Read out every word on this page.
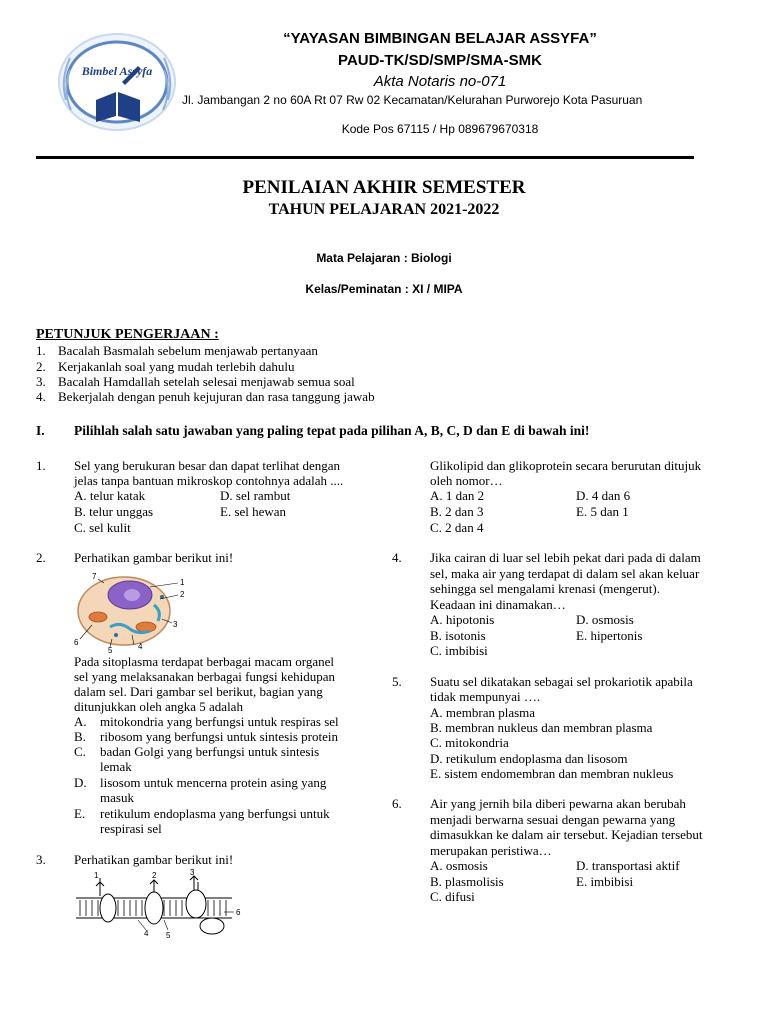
Bimbel Assyfa
“YAYASAN BIMBINGAN BELAJAR ASSYFA”
PAUD-TK/SD/SMP/SMA-SMK
Akta Notaris no-071
Jl. Jambangan 2 no 60A Rt 07 Rw 02 Kecamatan/Kelurahan Purworejo Kota Pasuruan
Kode Pos 67115 / Hp 089679670318
PENILAIAN AKHIR SEMESTER
TAHUN PELAJARAN 2021-2022
Mata Pelajaran : Biologi
Kelas/Peminatan : XI / MIPA
PETUNJUK PENGERJAAN :
1. Bacalah Basmalah sebelum menjawab pertanyaan
2. Kerjakanlah soal yang mudah terlebih dahulu
3. Bacalah Hamdallah setelah selesai menjawab semua soal
4. Bekerjalah dengan penuh kejujuran dan rasa tanggung jawab
I. Pilihlah salah satu jawaban yang paling tepat pada pilihan A, B, C, D dan E di bawah ini!
1. Sel yang berukuran besar dan dapat terlihat dengan
jelas tanpa bantuan mikroskop contohnya adalah ....
A. telur katak
B. telur unggas
C. sel kulit
D. sel rambut
E. sel hewan
2. Perhatikan gambar berikut ini!
1
2
3
4
5
6
7
Pada sitoplasma terdapat berbagai macam organel
sel yang melaksanakan berbagai fungsi kehidupan
dalam sel. Dari gambar sel berikut, bagian yang
ditunjukkan oleh angka 5 adalah
A. mitokondria yang berfungsi untuk respiras sel
B. ribosom yang berfungsi untuk sintesis protein
C. badan Golgi yang berfungsi untuk sintesis
lemak
D. lisosom untuk mencerna protein asing yang
masuk
E. retikulum endoplasma yang berfungsi untuk
respirasi sel
3. Perhatikan gambar berikut ini!
1	2	3
4 5
6
Glikolipid dan glikoprotein secara berurutan ditujuk
oleh nomor…
A. 1 dan 2
B. 2 dan 3
C. 2 dan 4
D. 4 dan 6
E. 5 dan 1
4. Jika cairan di luar sel lebih pekat dari pada di dalam
sel, maka air yang terdapat di dalam sel akan keluar
sehingga sel mengalami krenasi (mengerut).
Keadaan ini dinamakan…
A. hipotonis
B. isotonis
C. imbibisi
D. osmosis
E. hipertonis
5. Suatu sel dikatakan sebagai sel prokariotik apabila
tidak mempunyai ….
A. membran plasma
B. membran nukleus dan membran plasma
C. mitokondria
D. retikulum endoplasma dan lisosom
E. sistem endomembran dan membran nukleus
6. Air yang jernih bila diberi pewarna akan berubah
menjadi berwarna sesuai dengan pewarna yang
dimasukkan ke dalam air tersebut. Kejadian tersebut
merupakan peristiwa…
A. osmosis
B. plasmolisis
C. difusi
D. transportasi aktif
E. imbibisi
